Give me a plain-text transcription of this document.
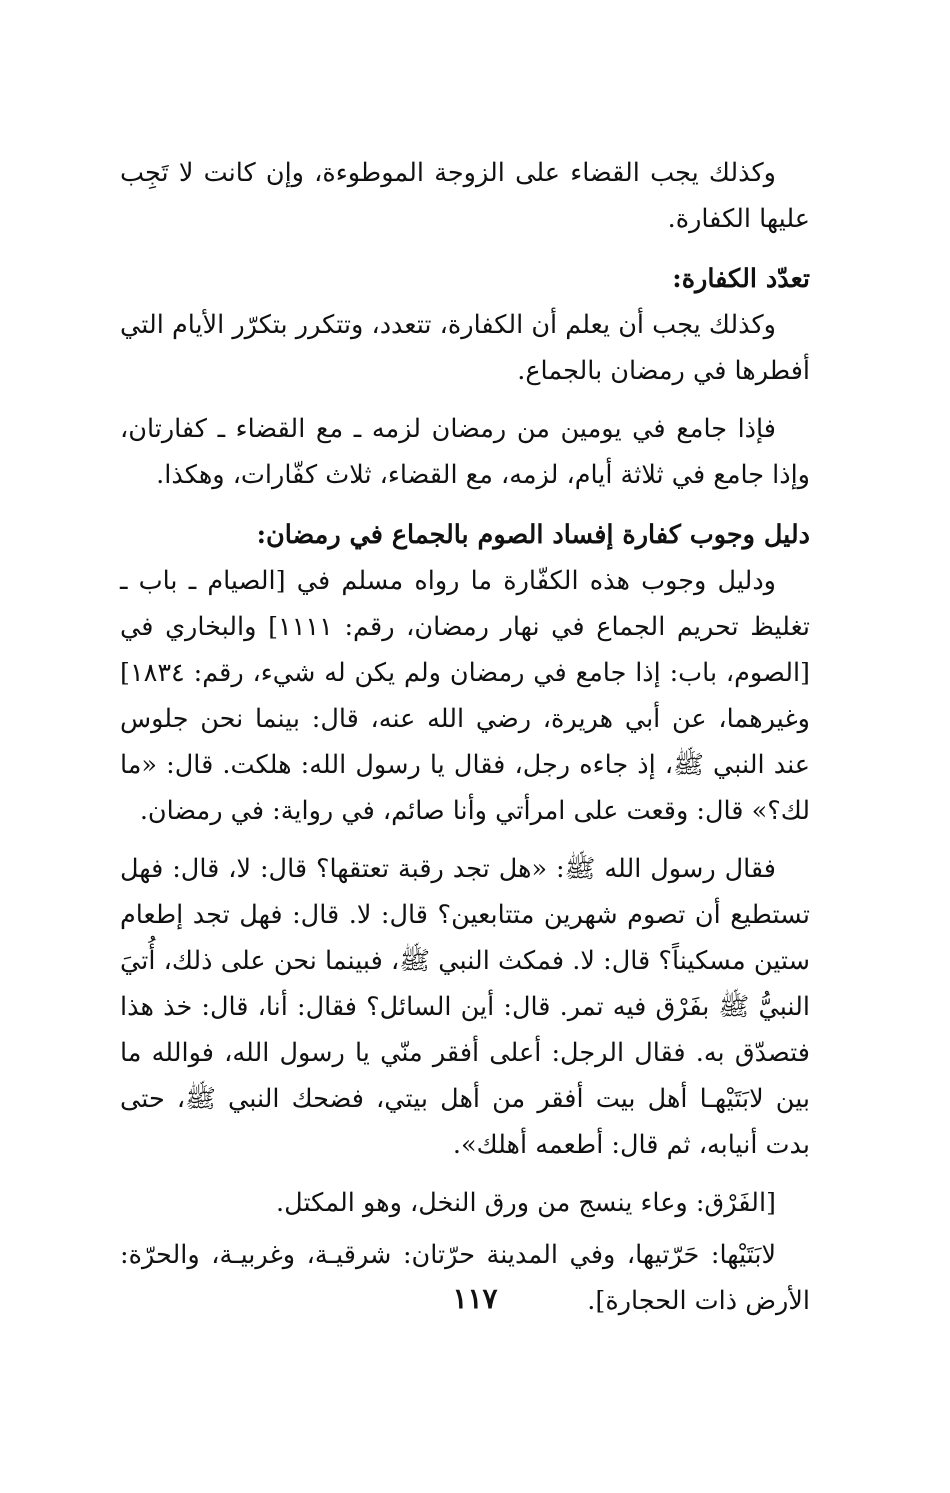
وكذلك يجب القضاء على الزوجة الموطوءة، وإن كانت لا تَجِب عليها الكفارة.

تعدّد الكفارة:

وكذلك يجب أن يعلم أن الكفارة، تتعدد، وتتكرر بتكرّر الأيام التي أفطرها في رمضان بالجماع.

فإذا جامع في يومين من رمضان لزمه ـ مع القضاء ـ كفارتان، وإذا جامع في ثلاثة أيام، لزمه، مع القضاء، ثلاث كفّارات، وهكذا.

دليل وجوب كفارة إفساد الصوم بالجماع في رمضان:

ودليل وجوب هذه الكفّارة ما رواه مسلم في [الصيام ـ باب ـ تغليظ تحريم الجماع في نهار رمضان، رقم: ١١١١] والبخاري في [الصوم، باب: إذا جامع في رمضان ولم يكن له شيء، رقم: ١٨٣٤] وغيرهما، عن أبي هريرة، رضي الله عنه، قال: بينما نحن جلوس عند النبي ﷺ، إذ جاءه رجل، فقال يا رسول الله: هلكت. قال: «ما لك؟» قال: وقعت على امرأتي وأنا صائم، في رواية: في رمضان.

فقال رسول الله ﷺ: «هل تجد رقبة تعتقها؟ قال: لا، قال: فهل تستطيع أن تصوم شهرين متتابعين؟ قال: لا. قال: فهل تجد إطعام ستين مسكيناً؟ قال: لا. فمكث النبي ﷺ، فبينما نحن على ذلك، أُتيَ النبيُّ ﷺ بفَرْق فيه تمر. قال: أين السائل؟ فقال: أنا، قال: خذ هذا فتصدّق به. فقال الرجل: أعلى أفقر منّي يا رسول الله، فوالله ما بين لابَتَيْهـا أهل بيت أفقر من أهل بيتي، فضحك النبي ﷺ، حتى بدت أنيابه، ثم قال: أطعمه أهلك».

[الفَرْق: وعاء ينسج من ورق النخل، وهو المكتل.

لابَتَيْها: حَرّتيها، وفي المدينة حرّتان: شرقيـة، وغربيـة، والحرّة: الأرض ذات الحجارة].

١١٧
